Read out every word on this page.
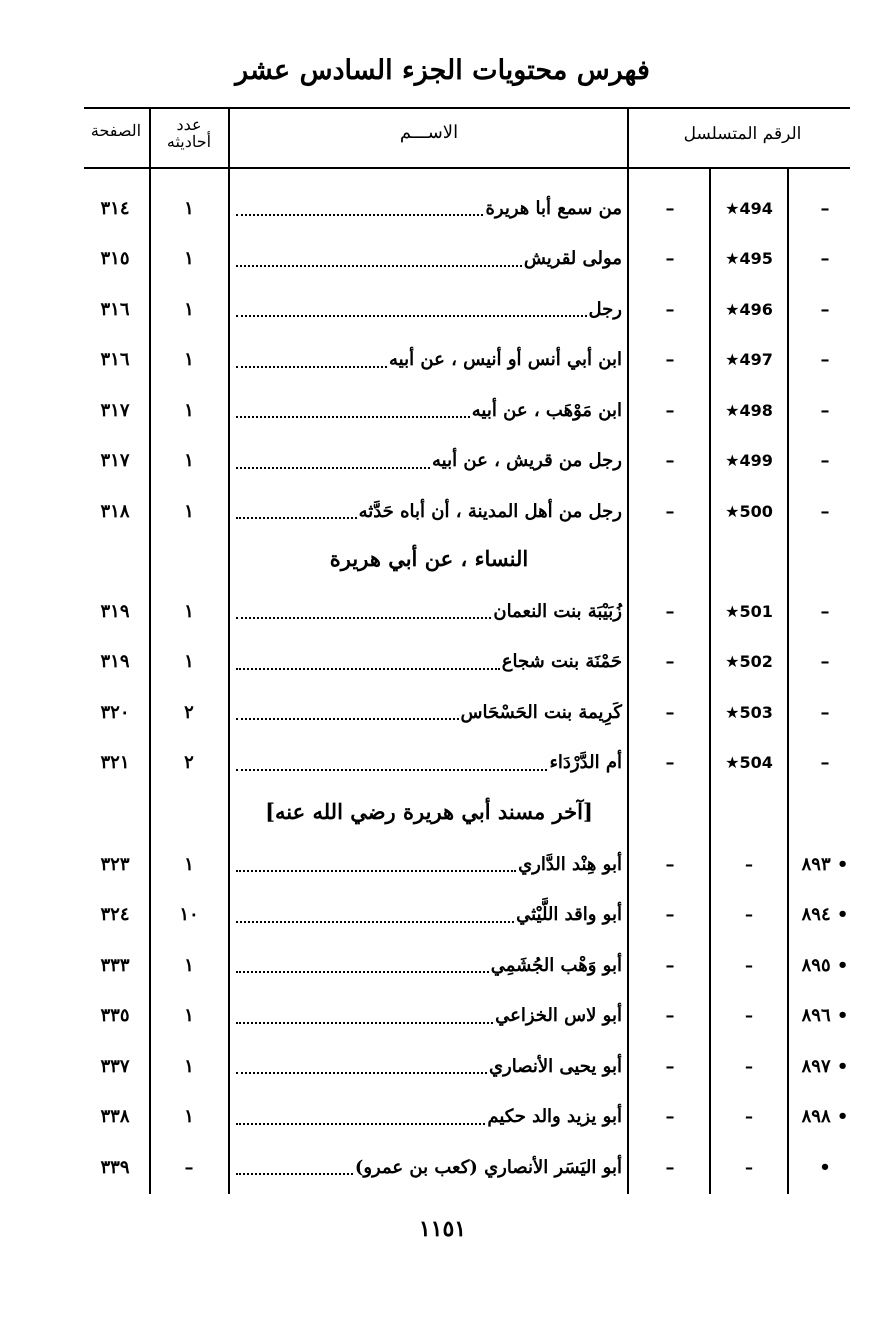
فهرس محتويات الجزء السادس عشر
الصفحة	عدد أحاديثه	الاســـم	الرقم المتسلسل
٣١٤	١	من سمع أبا هريرة	–	494★	–
٣١٥	١	مولى لقريش	–	495★	–
٣١٦	١	رجل	–	496★	–
٣١٦	١	ابن أبي أنس أو أنيس ، عن أبيه	–	497★	–
٣١٧	١	ابن مَوْهَب ، عن أبيه	–	498★	–
٣١٧	١	رجل من قريش ، عن أبيه	–	499★	–
٣١٨	١	رجل من أهل المدينة ، أن أباه حَدَّثه	–	500★	–
النساء ، عن أبي هريرة
٣١٩	١	زُبَيْبَة بنت النعمان	–	501★	–
٣١٩	١	حَمْنَة بنت شجاع	–	502★	–
٣٢٠	٢	كَرِيمة بنت الحَسْحَاس	–	503★	–
٣٢١	٢	أم الدَّرْدَاء	–	504★	–
[آخر مسند أبي هريرة رضي الله عنه]
٣٢٣	١	أبو هِنْد الدَّاري	–	–	• ٨٩٣
٣٢٤	١٠	أبو واقد اللَّيْثي	–	–	• ٨٩٤
٣٣٣	١	أبو وَهْب الجُشَمِي	–	–	• ٨٩٥
٣٣٥	١	أبو لاس الخزاعي	–	–	• ٨٩٦
٣٣٧	١	أبو يحيى الأنصاري	–	–	• ٨٩٧
٣٣٨	١	أبو يزيد والد حكيم	–	–	• ٨٩٨
٣٣٩	–	أبو اليَسَر الأنصاري (كعب بن عمرو)	–	–	•
١١٥١
